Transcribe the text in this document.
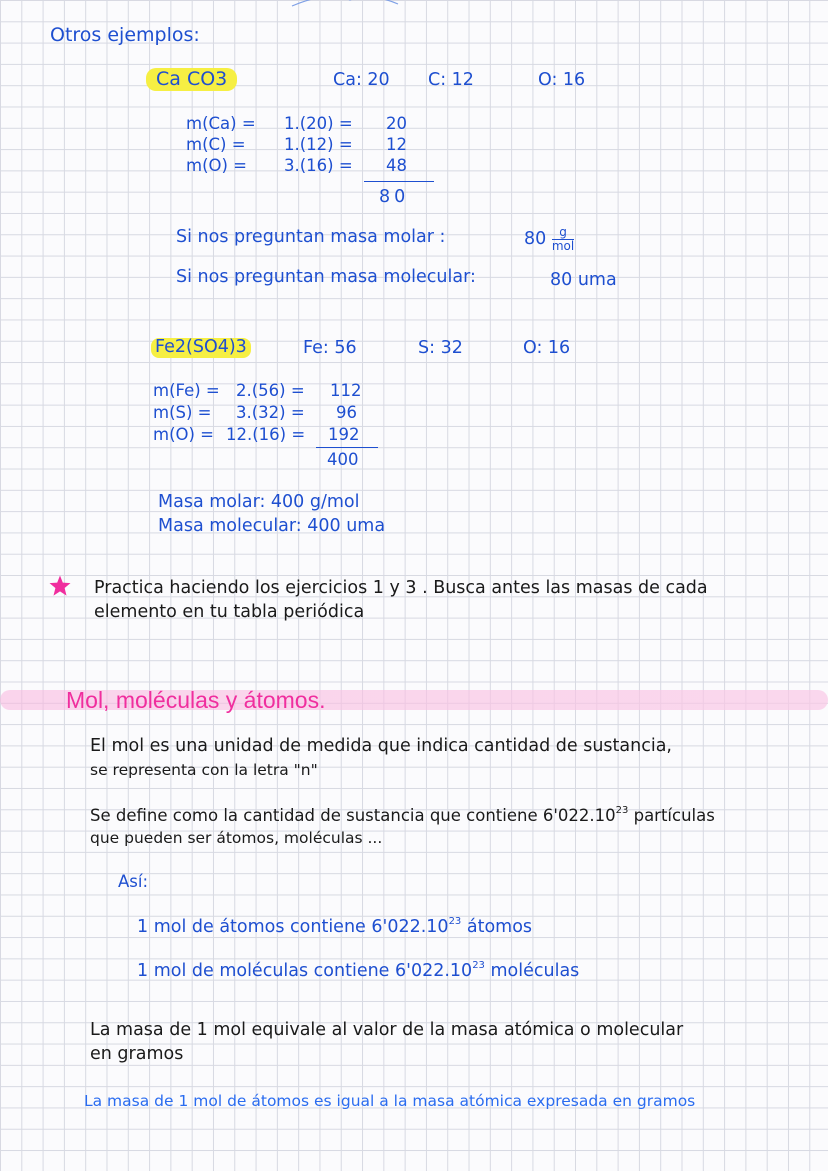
Otros ejemplos:
Ca CO3	Ca: 20 C: 12	O: 16
m(Ca) = 1.(20) = 20
m(C) = 1.(12) = 12
m(O) = 3.(16) = 48
80
Si nos preguntan masa molar :	$80 \frac{g}{\text{mol}}$
Si nos preguntan masa molecular:	80 uma
Fe2(SO4)3	Fe: 56	S: 32	O: 16
m(Fe) = 2.(56) = 112
m(S) = 3.(32) = 96
m(O) = 12.(16) = 192
400
Masa molar: 400 g/mol
Masa molecular: 400 uma
Practica haciendo los ejercicios 1 y 3 . Busca antes las masas de cada
elemento en tu tabla periódica
Mol, moléculas y átomos.
El mol es una unidad de medida que indica cantidad de sustancia,
se representa con la letra "n"
Se define como la cantidad de sustancia que contiene 6'022.10$^{23}$ partículas
que pueden ser átomos, moléculas ...
Así:
1 mol de átomos contiene 6'022.10$^{23}$ átomos
1 mol de moléculas contiene 6'022.10$^{23}$ moléculas
La masa de 1 mol equivale al valor de la masa atómica o molecular
en gramos
La masa de 1 mol de átomos es igual a la masa atómica expresada en gramos
